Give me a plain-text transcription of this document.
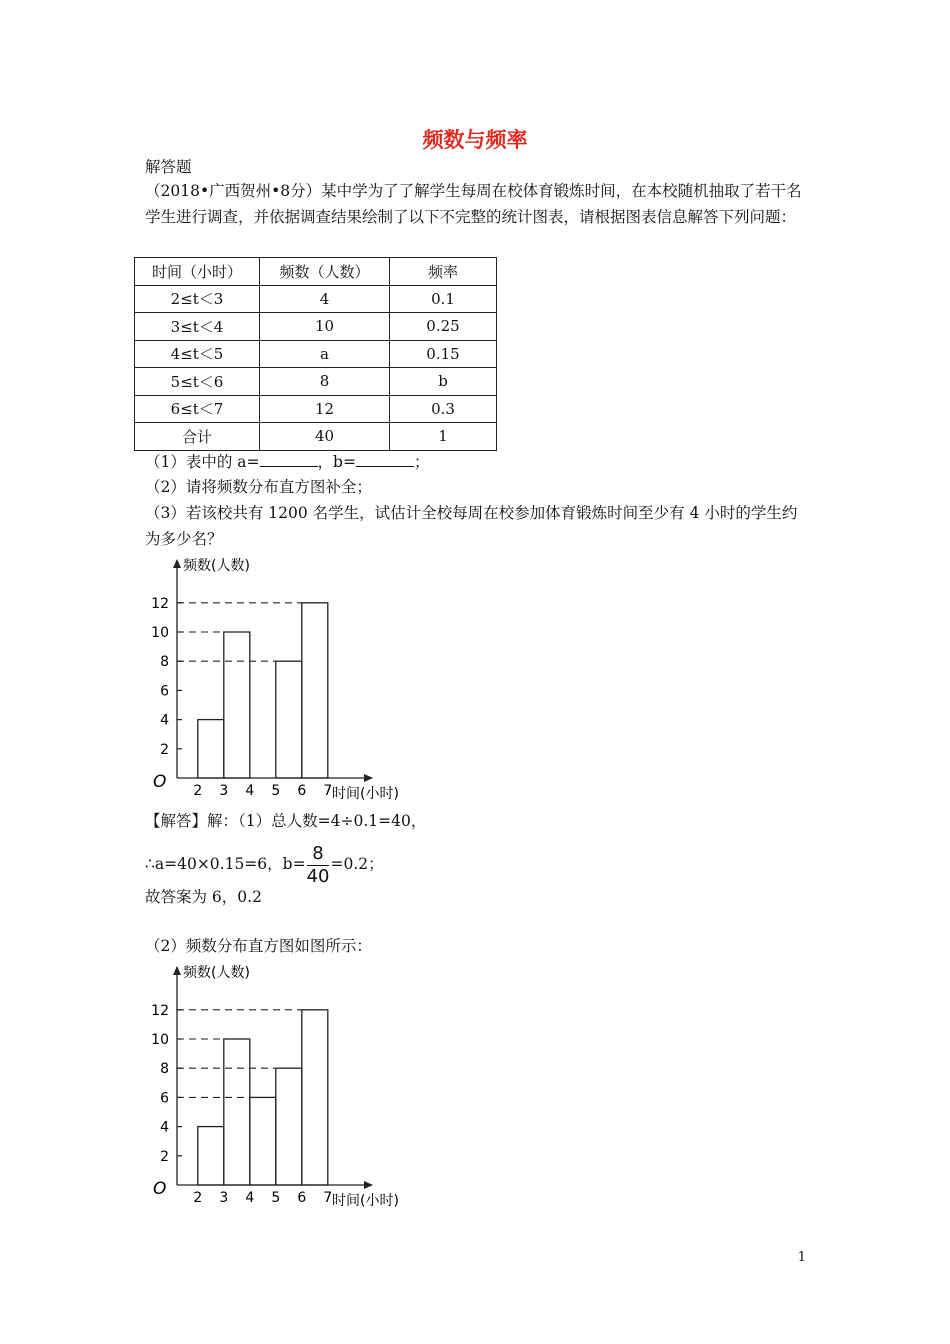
频数与频率
解答题
（2018•广西贺州•8分）某中学为了了解学生每周在校体育锻炼时间，在本校随机抽取了若干名学生进行调查，并依据调查结果绘制了以下不完整的统计图表，请根据图表信息解答下列问题：
时间（小时）	频数（人数）	频率
2≤t＜3	4	0.1
3≤t＜4	10	0.25
4≤t＜5	a	0.15
5≤t＜6	8	b
6≤t＜7	12	0.3
合计	40	1
（1）表中的 a=	，b=	；
（2）请将频数分布直方图补全；
（3）若该校共有 1200 名学生，试估计全校每周在校参加体育锻炼时间至少有 4 小时的学生约为多少名？
频数(人数)
时间(小时)
O
2
4
6
8
10
12
2 3 4 5 6 7
【解答】解：（1）总人数=4÷0.1=40，
∴a=40×0.15=6，$b= \frac{8}{40} =0.2$；
故答案为 6，0.2
（2）频数分布直方图如图所示：
频数(人数)
时间(小时)
O
2
4
6
8
10
12
2 3 4 5 6 7
1
